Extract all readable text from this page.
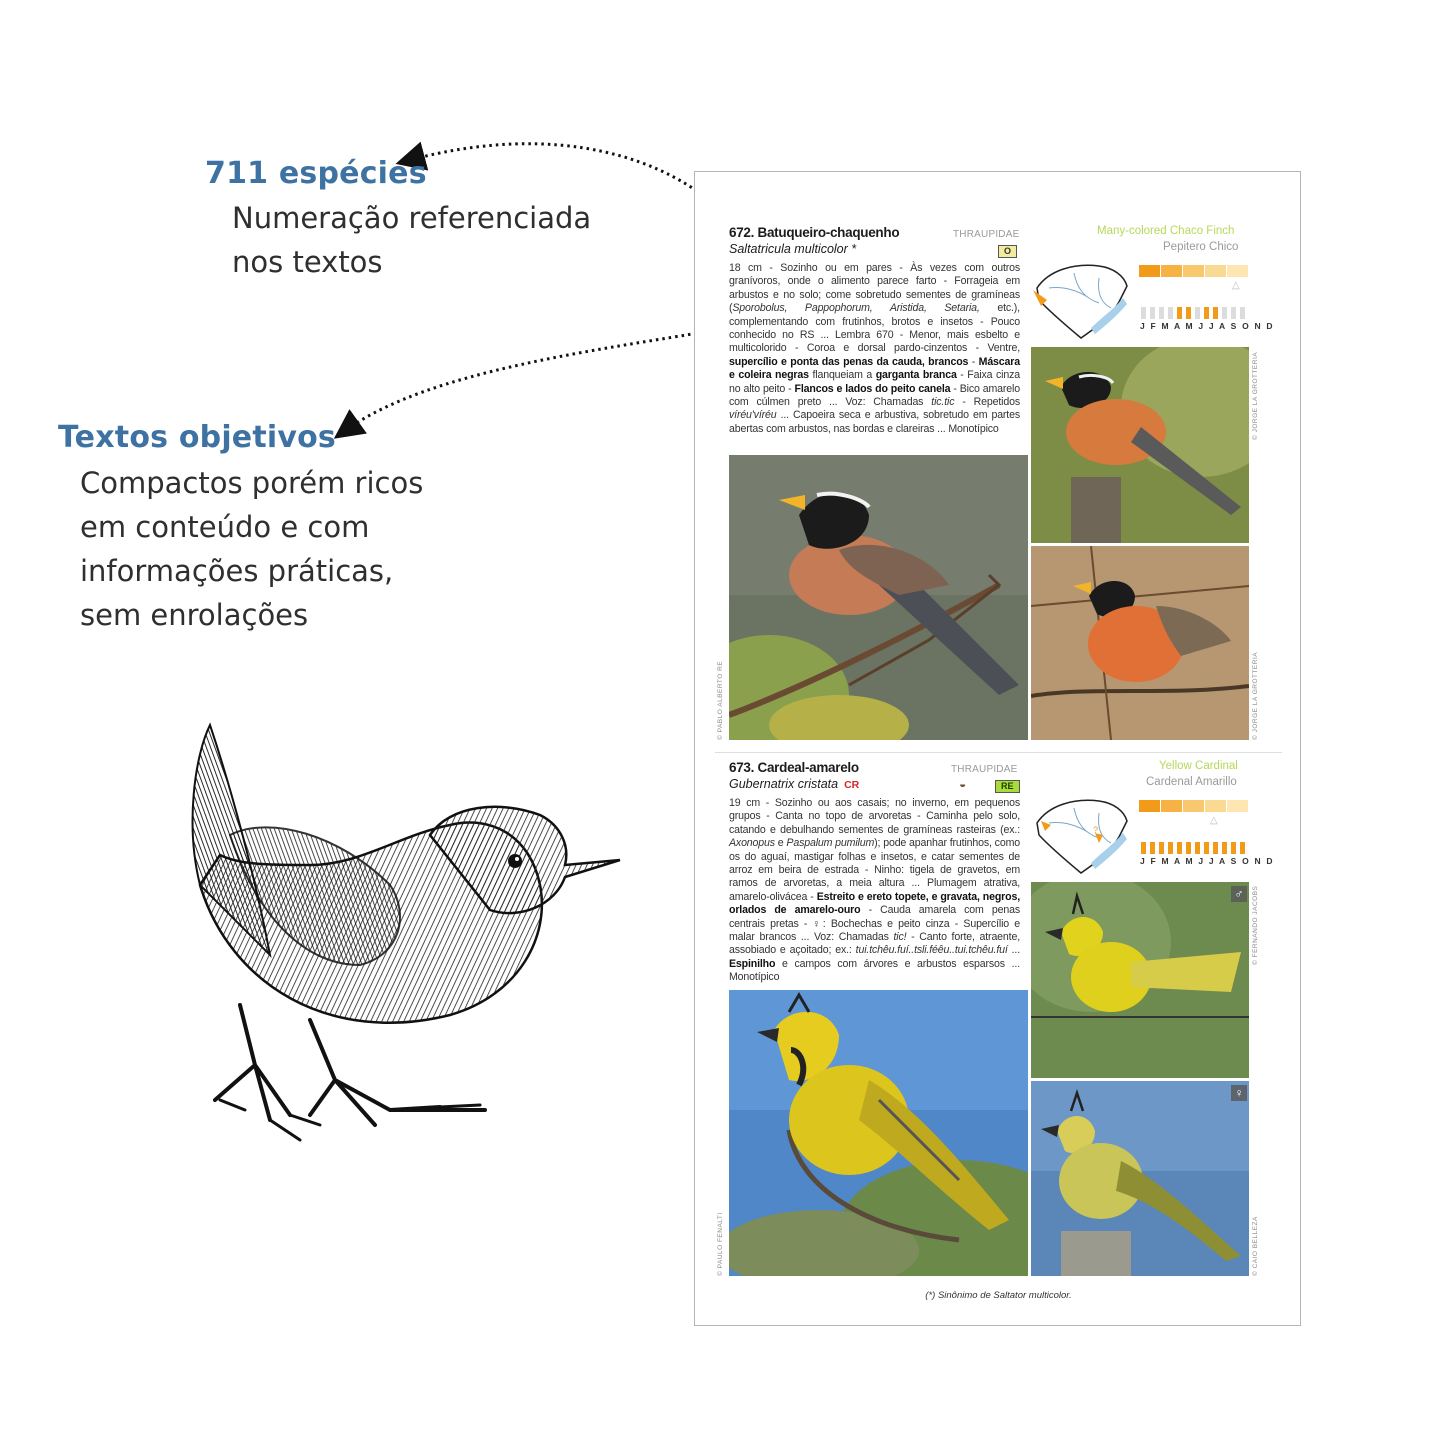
711 espécies
Numeração referenciada
nos textos
Textos objetivos
Compactos porém ricos
em conteúdo e com
informações práticas,
sem enrolações
672. Batuqueiro-chaquenho
Saltatricula multicolor *
THRAUPIDAE
O
18 cm - Sozinho ou em pares - Às vezes com outros granívoros, onde o alimento parece farto - Forrageia em arbustos e no solo; come sobretudo sementes de gramíneas (Sporobolus, Pappophorum, Aristida, Setaria, etc.), complementando com frutinhos, brotos e insetos - Pouco conhecido no RS ... Lembra 670 - Menor, mais esbelto e multicolorido - Coroa e dorsal pardo-cinzentos - Ventre, supercílio e ponta das penas da cauda, brancos - Máscara e coleira negras flanqueiam a garganta branca - Faixa cinza no alto peito - Flancos e lados do peito canela - Bico amarelo com cúlmen preto ... Voz: Chamadas tic.tic - Repetidos víréu'víréu ... Capoeira seca e arbustiva, sobretudo em partes abertas com arbustos, nas bordas e clareiras ... Monotípico
Many-colored Chaco Finch
Pepitero Chico
△
J F M A M J J A S O N D
© PABLO ALBERTO RE
© JORGE LA GROTTERIA
© JORGE LA GROTTERIA
673. Cardeal-amarelo
Gubernatrix cristata CR
THRAUPIDAE
◒	RE
19 cm - Sozinho ou aos casais; no inverno, em pequenos grupos - Canta no topo de arvoretas - Caminha pelo solo, catando e debulhando sementes de gramíneas rasteiras (ex.: Axonopus e Paspalum pumilum); pode apanhar frutinhos, como os do aguaí, mastigar folhas e insetos, e catar sementes de arroz em beira de estrada - Ninho: tigela de gravetos, em ramos de arvoretas, a meia altura ... Plumagem atrativa, amarelo-olivácea - Estreito e ereto topete, e gravata, negros, orlados de amarelo-ouro - Cauda amarela com penas centrais pretas - ♀: Bochechas e peito cinza - Supercílio e malar brancos ... Voz: Chamadas tic! - Canto forte, atraente, assobiado e açoitado; ex.: tui.tchêu.fuí..tsli.féêu..tui.tchêu.fuí ... Espinilho e campos com árvores e arbustos esparsos ... Monotípico
Yellow Cardinal
Cardenal Amarillo
?
△
J F M A M J J A S O N D
♂
♀
© PAULO FENALTI
© FERNANDO JACOBS
© CAIO BELLEZA
(*) Sinônimo de Saltator multicolor.
